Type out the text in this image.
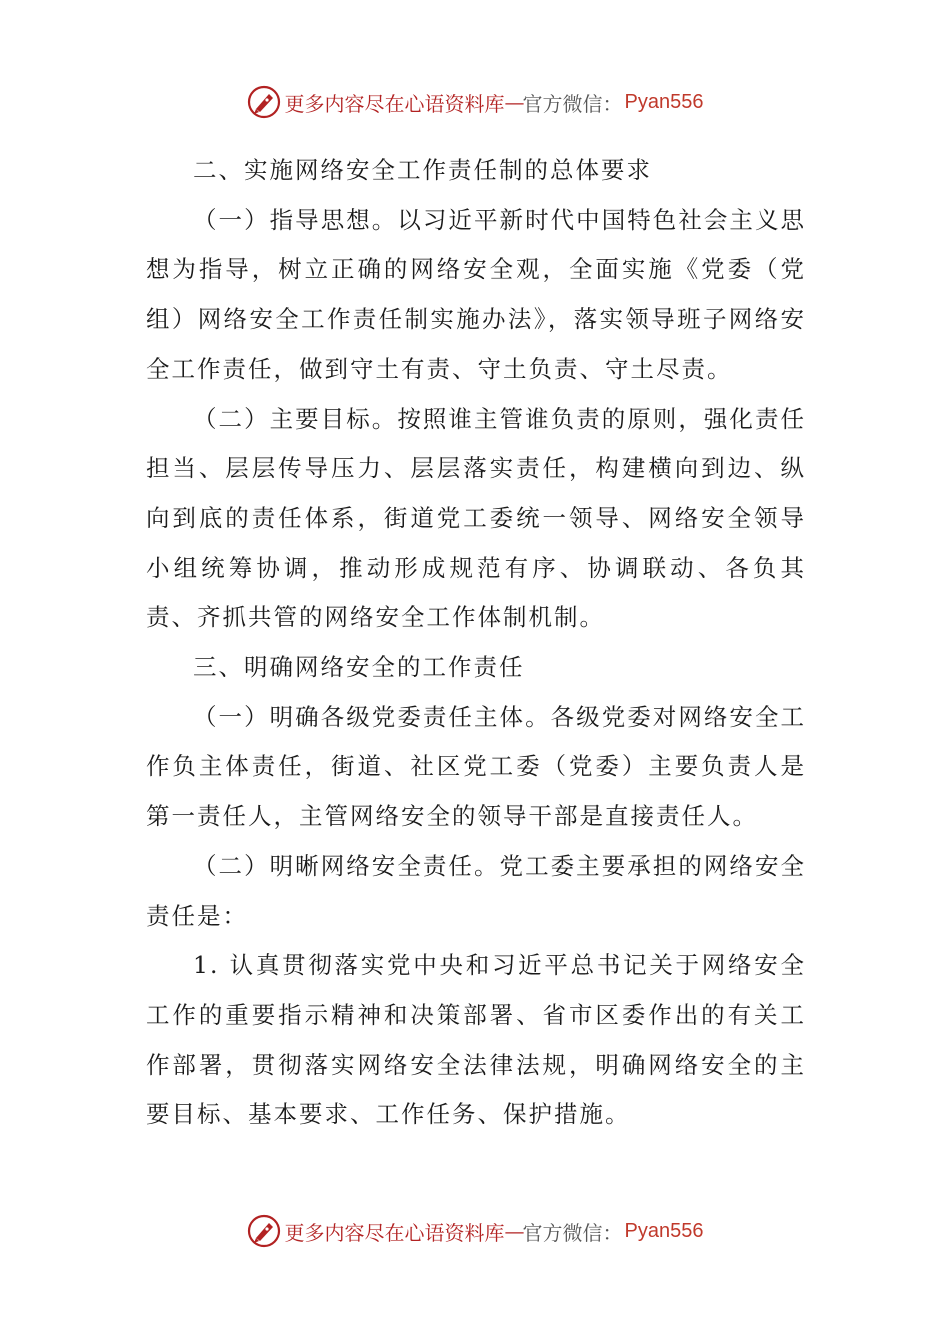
更多内容尽在心语资料库 — 官方微信： Pyan556

二、实施网络安全工作责任制的总体要求

（一）指导思想。以习近平新时代中国特色社会主义思想为指导，树立正确的网络安全观，全面实施《党委（党组）网络安全工作责任制实施办法》，落实领导班子网络安全工作责任，做到守土有责、守土负责、守土尽责。

（二）主要目标。按照谁主管谁负责的原则，强化责任担当、层层传导压力、层层落实责任，构建横向到边、纵向到底的责任体系，街道党工委统一领导、网络安全领导小组统筹协调，推动形成规范有序、协调联动、各负其责、齐抓共管的网络安全工作体制机制。

三、明确网络安全的工作责任

（一）明确各级党委责任主体。各级党委对网络安全工作负主体责任，街道、社区党工委（党委）主要负责人是第一责任人，主管网络安全的领导干部是直接责任人。

（二）明晰网络安全责任。党工委主要承担的网络安全责任是：

1. 认真贯彻落实党中央和习近平总书记关于网络安全工作的重要指示精神和决策部署、省市区委作出的有关工作部署，贯彻落实网络安全法律法规，明确网络安全的主要目标、基本要求、工作任务、保护措施。

更多内容尽在心语资料库 — 官方微信： Pyan556
